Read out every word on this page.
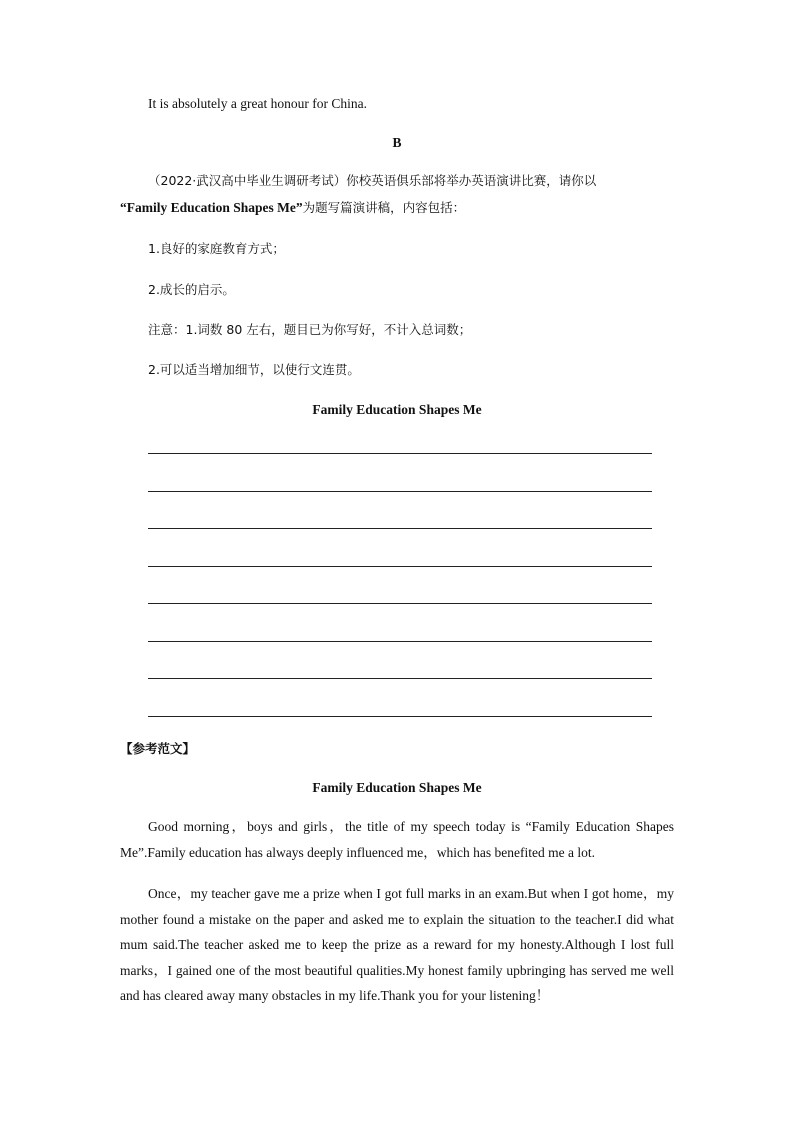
It is absolutely a great honour for China.
B
（2022·武汉高中毕业生调研考试）你校英语俱乐部将举办英语演讲比赛，请你以
“Family Education Shapes Me”为题写篇演讲稿，内容包括：
1.良好的家庭教育方式；
2.成长的启示。
注意：1.词数 80 左右，题目已为你写好，不计入总词数；
2.可以适当增加细节，以使行文连贯。
Family Education Shapes Me
【参考范文】
Family Education Shapes Me
Good morning，boys and girls，the title of my speech today is “Family Education Shapes Me”.Family education has always deeply influenced me，which has benefited me a lot.
Once，my teacher gave me a prize when I got full marks in an exam.But when I got home，my mother found a mistake on the paper and asked me to explain the situation to the teacher.I did what mum said.The teacher asked me to keep the prize as a reward for my honesty.Although I lost full marks，I gained one of the most beautiful qualities.My honest family upbringing has served me well and has cleared away many obstacles in my life.Thank you for your listening！
